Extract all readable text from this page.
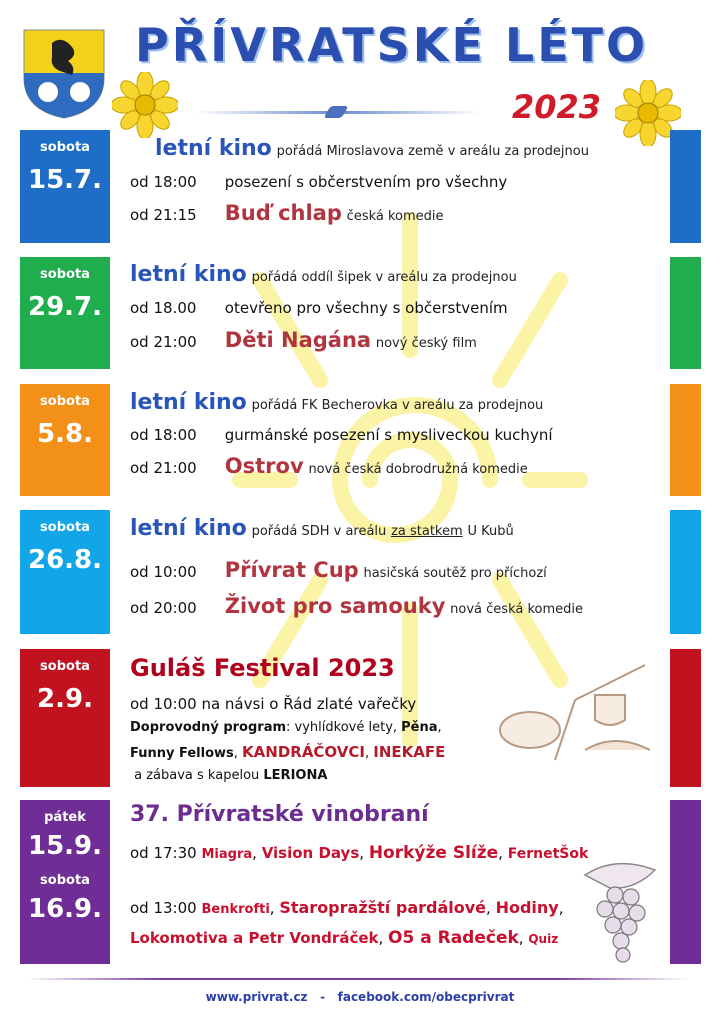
PŘÍVRATSKÉ LÉTO
2023
sobota
15.7.
letní kino pořádá Miroslavova země v areálu za prodejnou
od 18:00 posezení s občerstvením pro všechny
od 21:15 Buď chlap česká komedie
sobota
29.7.
letní kino pořádá oddíl šipek v areálu za prodejnou
od 18.00 otevřeno pro všechny s občerstvením
od 21:00 Děti Nagána nový český film
sobota
5.8.
letní kino pořádá FK Becherovka v areálu za prodejnou
od 18:00 gurmánské posezení s mysliveckou kuchyní
od 21:00 Ostrov nová česká dobrodružná komedie
sobota
26.8.
letní kino pořádá SDH v areálu za statkem U Kubů
od 10:00 Přívrat Cup hasičská soutěž pro příchozí
od 20:00 Život pro samouky nová česká komedie
sobota
2.9.
Guláš Festival 2023
od 10:00 na návsi o Řád zlaté vařečky
Doprovodný program: vyhlídkové lety, Pěna,
Funny Fellows, KANDRÁČOVCI, INEKAFE
a zábava s kapelou LERIONA
pátek
15.9.
sobota
16.9.
37. Přívratské vinobraní
od 17:30 Miagra, Vision Days, Horkýže Slíže, FernetŠok
od 13:00 Benkrofti, Staropražští pardálové, Hodiny,
Lokomotiva a Petr Vondráček, O5 a Radeček, Quiz
www.privrat.cz - facebook.com/obecprivrat
